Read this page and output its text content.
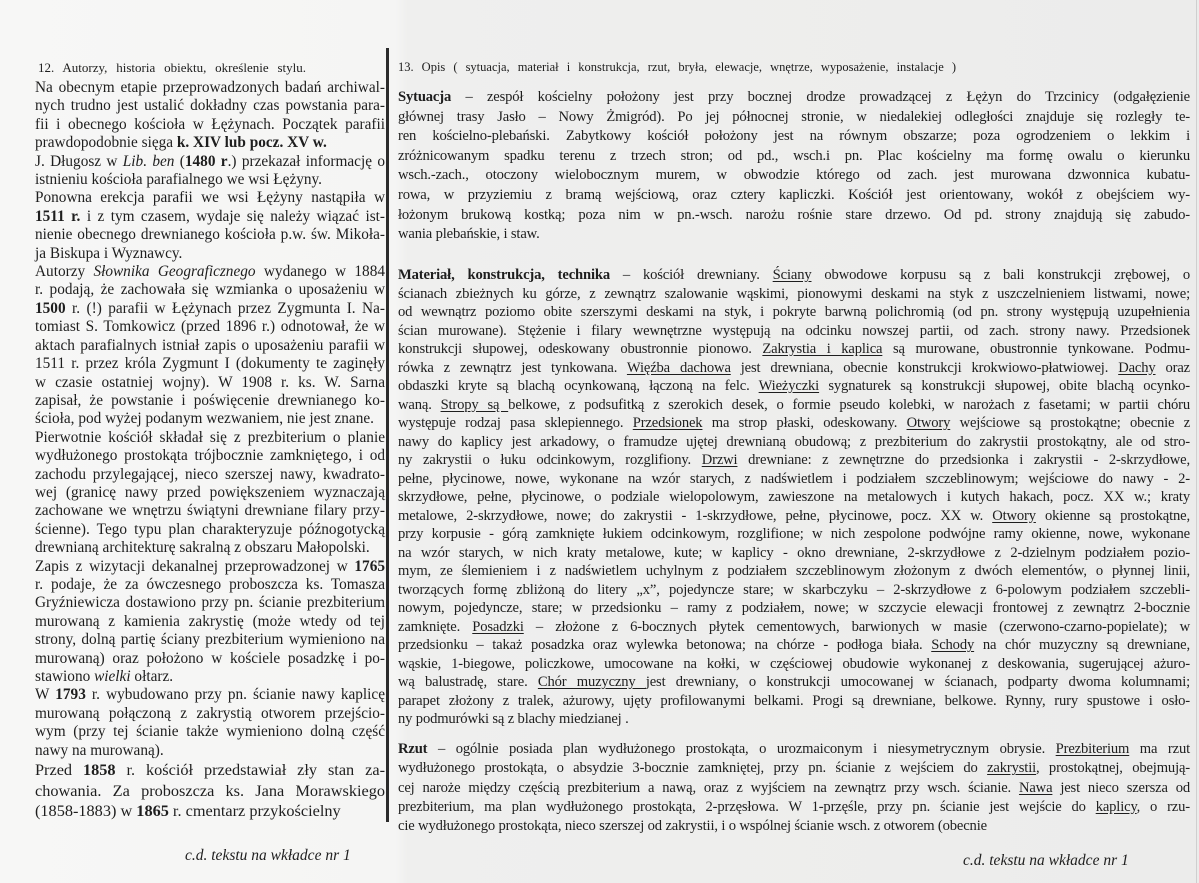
12. Autorzy, historia obiektu, określenie stylu.
Na obecnym etapie przeprowadzonych badań archiwal-
nych trudno jest ustalić dokładny czas powstania para-
fii i obecnego kościoła w Łężynach. Początek parafii
prawdopodobnie sięga k. XIV lub pocz. XV w.
J. Długosz w Lib. ben (1480 r.) przekazał informację o
istnieniu kościoła parafialnego we wsi Łężyny.
Ponowna erekcja parafii we wsi Łężyny nastąpiła w
1511 r. i z tym czasem, wydaje się należy wiązać ist-
nienie obecnego drewnianego kościoła p.w. św. Mikoła-
ja Biskupa i Wyznawcy.
Autorzy Słownika Geograficznego wydanego w 1884
r. podają, że zachowała się wzmianka o uposażeniu w
1500 r. (!) parafii w Łężynach przez Zygmunta I. Na-
tomiast S. Tomkowicz (przed 1896 r.) odnotował, że w
aktach parafialnych istniał zapis o uposażeniu parafii w
1511 r. przez króla Zygmunt I (dokumenty te zaginęły
w czasie ostatniej wojny). W 1908 r. ks. W. Sarna
zapisał, że powstanie i poświęcenie drewnianego ko-
ścioła, pod wyżej podanym wezwaniem, nie jest znane.
Pierwotnie kościół składał się z prezbiterium o planie
wydłużonego prostokąta trójbocznie zamkniętego, i od
zachodu przylegającej, nieco szerszej nawy, kwadrato-
wej (granicę nawy przed powiększeniem wyznaczają
zachowane we wnętrzu świątyni drewniane filary przy-
ścienne). Tego typu plan charakteryzuje późnogotycką
drewnianą architekturę sakralną z obszaru Małopolski.
Zapis z wizytacji dekanalnej przeprowadzonej w 1765
r. podaje, że za ówczesnego proboszcza ks. Tomasza
Gryźniewicza dostawiono przy pn. ścianie prezbiterium
murowaną z kamienia zakrystię (może wtedy od tej
strony, dolną partię ściany prezbiterium wymieniono na
murowaną) oraz położono w kościele posadzkę i po-
stawiono wielki ołtarz.
W 1793 r. wybudowano przy pn. ścianie nawy kaplicę
murowaną połączoną z zakrystią otworem przejścio-
wym (przy tej ścianie także wymieniono dolną część
nawy na murowaną).
Przed 1858 r. kościół przedstawiał zły stan za-
chowania. Za proboszcza ks. Jana Morawskiego
(1858-1883) w 1865 r. cmentarz przykościelny
13. Opis ( sytuacja, materiał i konstrukcja, rzut, bryła, elewacje, wnętrze, wyposażenie, instalacje )
Sytuacja – zespół kościelny położony jest przy bocznej drodze prowadzącej z Łężyn do Trzcinicy (odgałęzienie
głównej trasy Jasło – Nowy Żmigród). Po jej północnej stronie, w niedalekiej odległości znajduje się rozległy te-
ren kościelno-plebański. Zabytkowy kościół położony jest na równym obszarze; poza ogrodzeniem o lekkim i
zróżnicowanym spadku terenu z trzech stron; od pd., wsch.i pn. Plac kościelny ma formę owalu o kierunku
wsch.-zach., otoczony wielobocznym murem, w obwodzie którego od zach. jest murowana dzwonnica kubatu-
rowa, w przyziemiu z bramą wejściową, oraz cztery kapliczki. Kościół jest orientowany, wokół z obejściem wy-
łożonym brukową kostką; poza nim w pn.-wsch. narożu rośnie stare drzewo. Od pd. strony znajdują się zabudo-
wania plebańskie, i staw.
Materiał, konstrukcja, technika – kościół drewniany. Ściany obwodowe korpusu są z bali konstrukcji zrębowej, o
ścianach zbieżnych ku górze, z zewnątrz szalowanie wąskimi, pionowymi deskami na styk z uszczelnieniem listwami, nowe;
od wewnątrz poziomo obite szerszymi deskami na styk, i pokryte barwną polichromią (od pn. strony występują uzupełnienia
ścian murowane). Stężenie i filary wewnętrzne występują na odcinku nowszej partii, od zach. strony nawy. Przedsionek
konstrukcji słupowej, odeskowany obustronnie pionowo. Zakrystia i kaplica są murowane, obustronnie tynkowane. Podmu-
rówka z zewnątrz jest tynkowana. Więźba dachowa jest drewniana, obecnie konstrukcji krokwiowo-płatwiowej. Dachy oraz
obdaszki kryte są blachą ocynkowaną, łączoną na felc. Wieżyczki sygnaturek są konstrukcji słupowej, obite blachą ocynko-
waną. Stropy są belkowe, z podsufitką z szerokich desek, o formie pseudo kolebki, w narożach z fasetami; w partii chóru
występuje rodzaj pasa sklepiennego. Przedsionek ma strop płaski, odeskowany. Otwory wejściowe są prostokątne; obecnie z
nawy do kaplicy jest arkadowy, o framudze ujętej drewnianą obudową; z prezbiterium do zakrystii prostokątny, ale od stro-
ny zakrystii o łuku odcinkowym, rozglifiony. Drzwi drewniane: z zewnętrzne do przedsionka i zakrystii - 2-skrzydłowe,
pełne, płycinowe, nowe, wykonane na wzór starych, z nadświetlem i podziałem szczeblinowym; wejściowe do nawy - 2-
skrzydłowe, pełne, płycinowe, o podziale wielopolowym, zawieszone na metalowych i kutych hakach, pocz. XX w.; kraty
metalowe, 2-skrzydłowe, nowe; do zakrystii - 1-skrzydłowe, pełne, płycinowe, pocz. XX w. Otwory okienne są prostokątne,
przy korpusie - górą zamknięte łukiem odcinkowym, rozglifione; w nich zespolone podwójne ramy okienne, nowe, wykonane
na wzór starych, w nich kraty metalowe, kute; w kaplicy - okno drewniane, 2-skrzydłowe z 2-dzielnym podziałem pozio-
mym, ze ślemieniem i z nadświetlem uchylnym z podziałem szczeblinowym złożonym z dwóch elementów, o płynnej linii,
tworzących formę zbliżoną do litery „x”, pojedyncze stare; w skarbczyku – 2-skrzydłowe z 6-polowym podziałem szczebli-
nowym, pojedyncze, stare; w przedsionku – ramy z podziałem, nowe; w szczycie elewacji frontowej z zewnątrz 2-bocznie
zamknięte. Posadzki – złożone z 6-bocznych płytek cementowych, barwionych w masie (czerwono-czarno-popielate); w
przedsionku – takaż posadzka oraz wylewka betonowa; na chórze - podłoga biała. Schody na chór muzyczny są drewniane,
wąskie, 1-biegowe, policzkowe, umocowane na kołki, w częściowej obudowie wykonanej z deskowania, sugerującej ażuro-
wą balustradę, stare. Chór muzyczny jest drewniany, o konstrukcji umocowanej w ścianach, podparty dwoma kolumnami;
parapet złożony z tralek, ażurowy, ujęty profilowanymi belkami. Progi są drewniane, belkowe. Rynny, rury spustowe i osło-
ny podmurówki są z blachy miedzianej .
Rzut – ogólnie posiada plan wydłużonego prostokąta, o urozmaiconym i niesymetrycznym obrysie. Prezbiterium ma rzut
wydłużonego prostokąta, o absydzie 3-bocznie zamkniętej, przy pn. ścianie z wejściem do zakrystii, prostokątnej, obejmują-
cej naroże między częścią prezbiterium a nawą, oraz z wyjściem na zewnątrz przy wsch. ścianie. Nawa jest nieco szersza od
prezbiterium, ma plan wydłużonego prostokąta, 2-przęsłowa. W 1-przęśle, przy pn. ścianie jest wejście do kaplicy, o rzu-
cie wydłużonego prostokąta, nieco szerszej od zakrystii, i o wspólnej ścianie wsch. z otworem (obecnie
c.d. tekstu na wkładce nr 1	c.d. tekstu na wkładce nr 1
